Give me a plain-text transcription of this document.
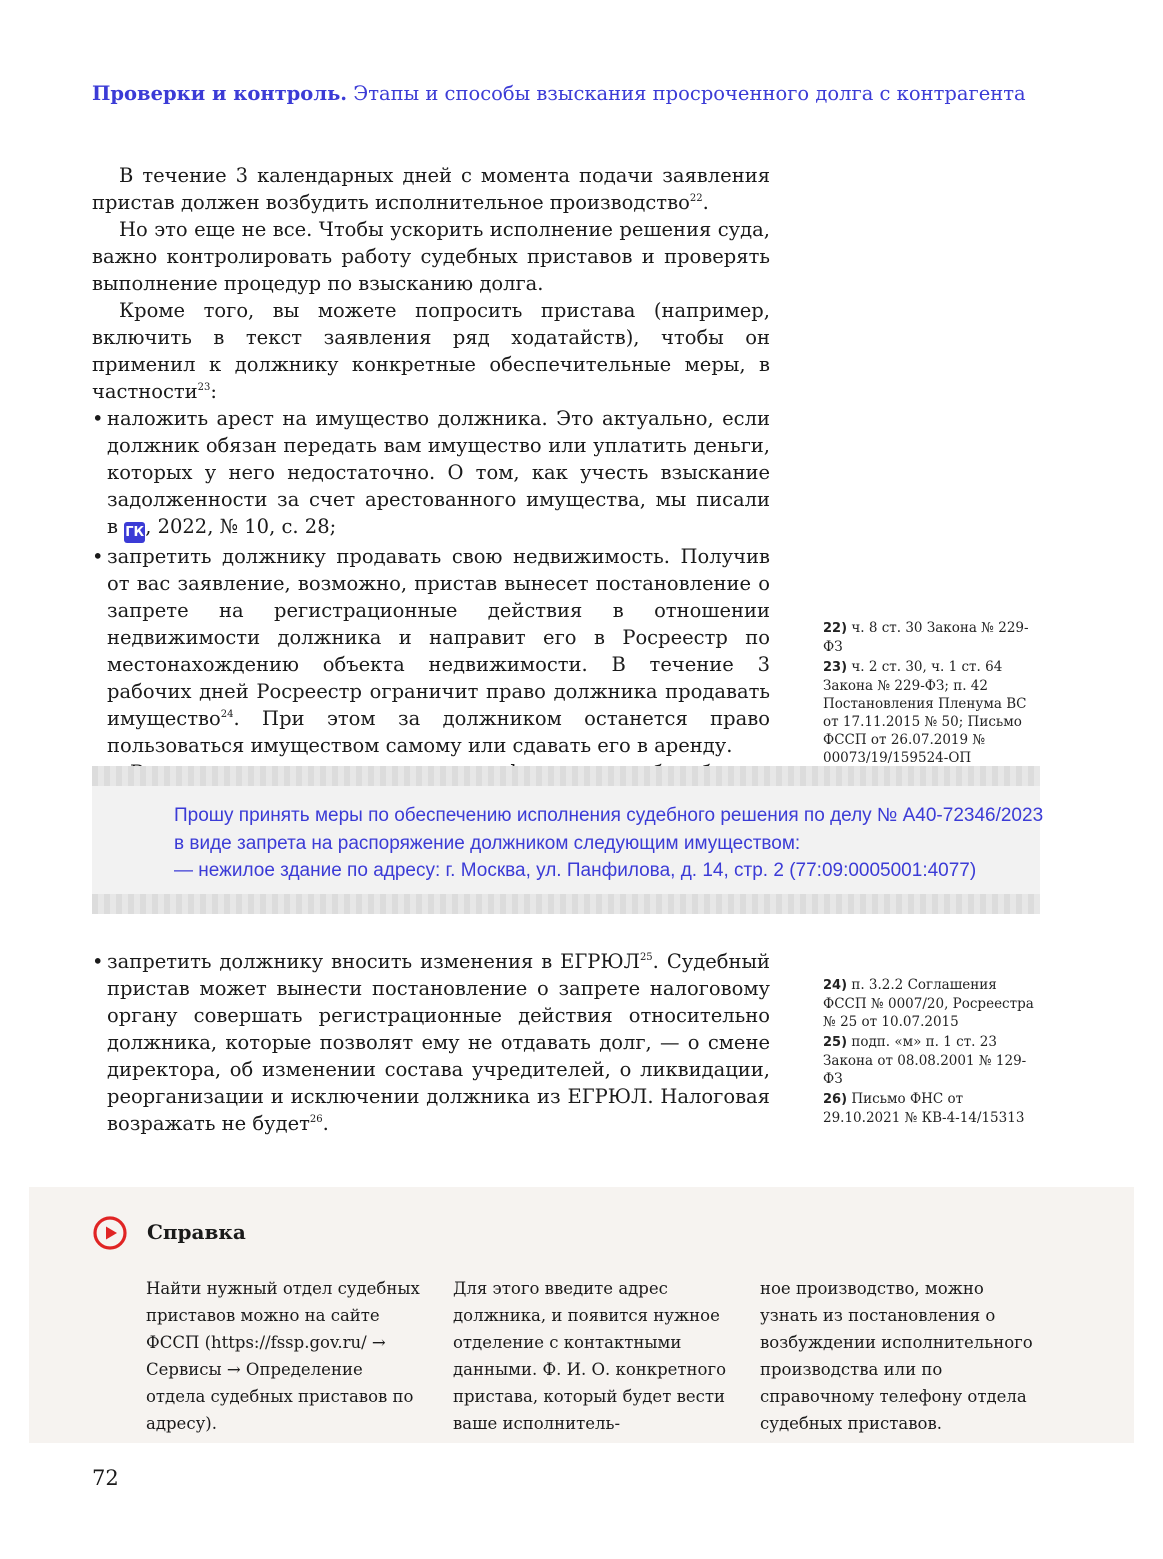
Проверки и контроль. Этапы и способы взыскания просроченного долга с контрагента

В течение 3 календарных дней с момента подачи заявления пристав должен возбудить исполнительное производство$^{22}$.

Но это еще не все. Чтобы ускорить исполнение решения суда, важно контролировать работу судебных приставов и проверять выполнение процедур по взысканию долга.

Кроме того, вы можете попросить пристава (например, включить в текст заявления ряд ходатайств), чтобы он применил к должнику конкретные обеспечительные меры, в частности$^{23}$:

• наложить арест на имущество должника. Это актуально, если должник обязан передать вам имущество или уплатить деньги, которых у него недостаточно. О том, как учесть взыскание задолженности за счет арестованного имущества, мы писали в ГК, 2022, № 10, с. 28;
• запретить должнику продавать свою недвижимость. Получив от вас заявление, возможно, пристав вынесет постановление о запрете на регистрационные действия в отношении недвижимости должника и направит его в Росреестр по местонахождению объекта недвижимости. В течение 3 рабочих дней Росреестр ограничит право должника продавать имущество$^{24}$. При этом за должником останется право пользоваться имуществом самому или сдавать его в аренду.

22) ч. 8 ст. 30 Закона № 229-ФЗ
23) ч. 2 ст. 30, ч. 1 ст. 64 Закона № 229-ФЗ; п. 42 Постановления Пленума ВС от 17.11.2015 № 50; Письмо ФССП от 26.07.2019 № 00073/19/159524-ОП
Прошу принять меры по обеспечению исполнения судебного решения по делу № А40-72346/2023
в виде запрета на распоряжение должником следующим имуществом:
— нежилое здание по адресу: г. Москва, ул. Панфилова, д. 14, стр. 2 (77:09:0005001:4077)
• запретить должнику вносить изменения в ЕГРЮЛ$^{25}$. Судебный пристав может вынести постановление о запрете налоговому органу совершать регистрационные действия относительно должника, которые позволят ему не отдавать долг, — о смене директора, об изменении состава учредителей, о ликвидации, реорганизации и исключении должника из ЕГРЮЛ. Налоговая возражать не будет$^{26}$.
24) п. 3.2.2 Соглашения ФССП № 0007/20, Росреестра № 25 от 10.07.2015
25) подп. «м» п. 1 ст. 23 Закона от 08.08.2001 № 129-ФЗ
26) Письмо ФНС от 29.10.2021 № КВ-4-14/15313
Справка
Найти нужный отдел судебных приставов можно на сайте ФССП (https://fssp.gov.ru/ → Сервисы → Определение отдела судебных приставов по адресу).
Для этого введите адрес должника, и появится нужное отделение с контактными данными. Ф. И. О. конкретного пристава, который будет вести ваше исполнитель-
ное производство, можно узнать из постановления о возбуждении исполнительного производства или по справочному телефону отдела судебных приставов.
72
